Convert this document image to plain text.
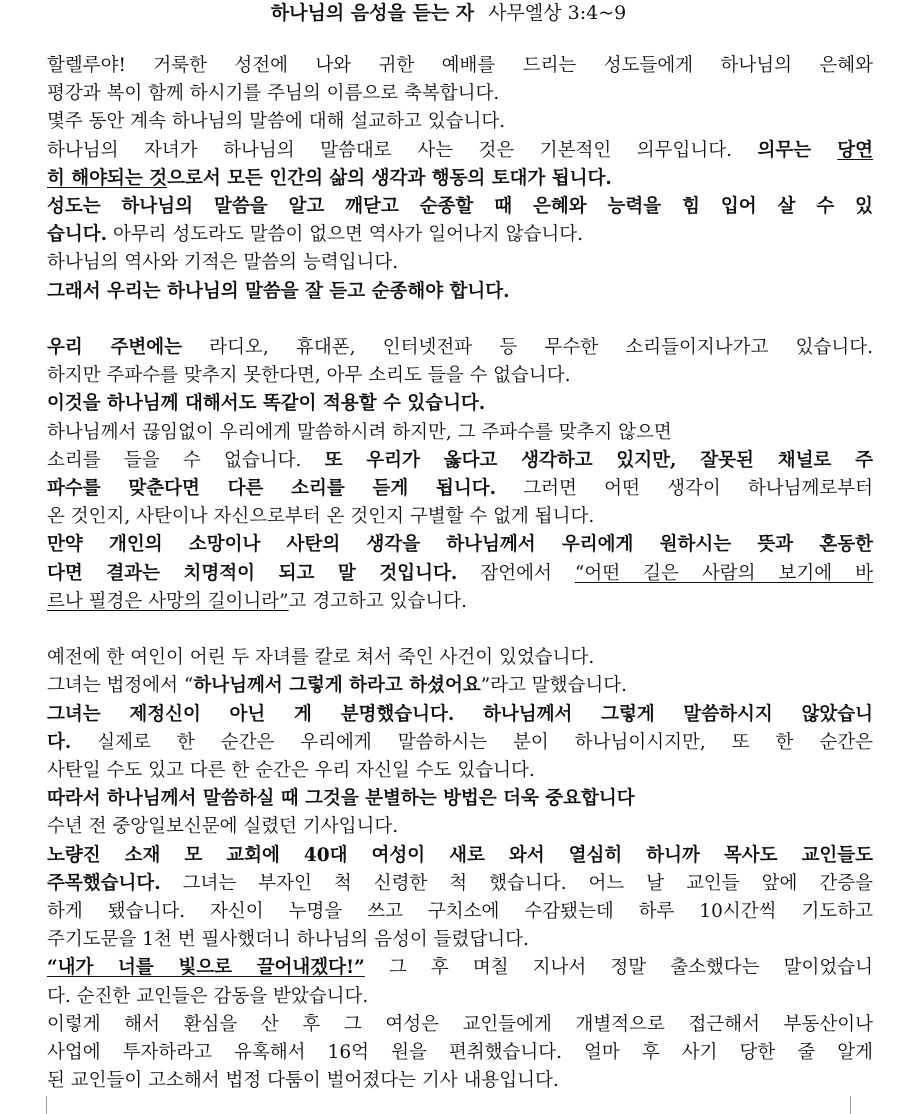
하나님의 음성을 듣는 자 사무엘상 3:4~9
할렐루야! 거룩한 성전에 나와 귀한 예배를 드리는 성도들에게 하나님의 은혜와
평강과 복이 함께 하시기를 주님의 이름으로 축복합니다.
몇주 동안 계속 하나님의 말씀에 대해 설교하고 있습니다.
하나님의 자녀가 하나님의 말씀대로 사는 것은 기본적인 의무입니다. 의무는 당연
히 해야되는 것으로서 모든 인간의 삶의 생각과 행동의 토대가 됩니다.
성도는 하나님의 말씀을 알고 깨닫고 순종할 때 은혜와 능력을 힘 입어 살 수 있
습니다. 아무리 성도라도 말씀이 없으면 역사가 일어나지 않습니다.
하나님의 역사와 기적은 말씀의 능력입니다.
그래서 우리는 하나님의 말씀을 잘 듣고 순종해야 합니다.
우리 주변에는 라디오, 휴대폰, 인터넷전파 등 무수한 소리들이지나가고 있습니다.
하지만 주파수를 맞추지 못한다면, 아무 소리도 들을 수 없습니다.
이것을 하나님께 대해서도 똑같이 적용할 수 있습니다.
하나님께서 끊임없이 우리에게 말씀하시려 하지만, 그 주파수를 맞추지 않으면
소리를 들을 수 없습니다. 또 우리가 옳다고 생각하고 있지만, 잘못된 채널로 주
파수를 맞춘다면 다른 소리를 듣게 됩니다. 그러면 어떤 생각이 하나님께로부터
온 것인지, 사탄이나 자신으로부터 온 것인지 구별할 수 없게 됩니다.
만약 개인의 소망이나 사탄의 생각을 하나님께서 우리에게 원하시는 뜻과 혼동한
다면 결과는 치명적이 되고 말 것입니다. 잠언에서 “어떤 길은 사람의 보기에 바
르나 필경은 사망의 길이니라”고 경고하고 있습니다.
예전에 한 여인이 어린 두 자녀를 칼로 쳐서 죽인 사건이 있었습니다.
그녀는 법정에서 “하나님께서 그렇게 하라고 하셨어요”라고 말했습니다.
그녀는 제정신이 아닌 게 분명했습니다. 하나님께서 그렇게 말씀하시지 않았습니
다. 실제로 한 순간은 우리에게 말씀하시는 분이 하나님이시지만, 또 한 순간은
사탄일 수도 있고 다른 한 순간은 우리 자신일 수도 있습니다.
따라서 하나님께서 말씀하실 때 그것을 분별하는 방법은 더욱 중요합니다
수년 전 중앙일보신문에 실렸던 기사입니다.
노량진 소재 모 교회에 40대 여성이 새로 와서 열심히 하니까 목사도 교인들도
주목했습니다. 그녀는 부자인 척 신령한 척 했습니다. 어느 날 교인들 앞에 간증을
하게 됐습니다. 자신이 누명을 쓰고 구치소에 수감됐는데 하루 10시간씩 기도하고
주기도문을 1천 번 필사했더니 하나님의 음성이 들렸답니다.
“내가 너를 빛으로 끌어내겠다!” 그 후 며칠 지나서 정말 출소했다는 말이었습니
다. 순진한 교인들은 감동을 받았습니다.
이렇게 해서 환심을 산 후 그 여성은 교인들에게 개별적으로 접근해서 부동산이나
사업에 투자하라고 유혹해서 16억 원을 편취했습니다. 얼마 후 사기 당한 줄 알게
된 교인들이 고소해서 법정 다툼이 벌어졌다는 기사 내용입니다.
